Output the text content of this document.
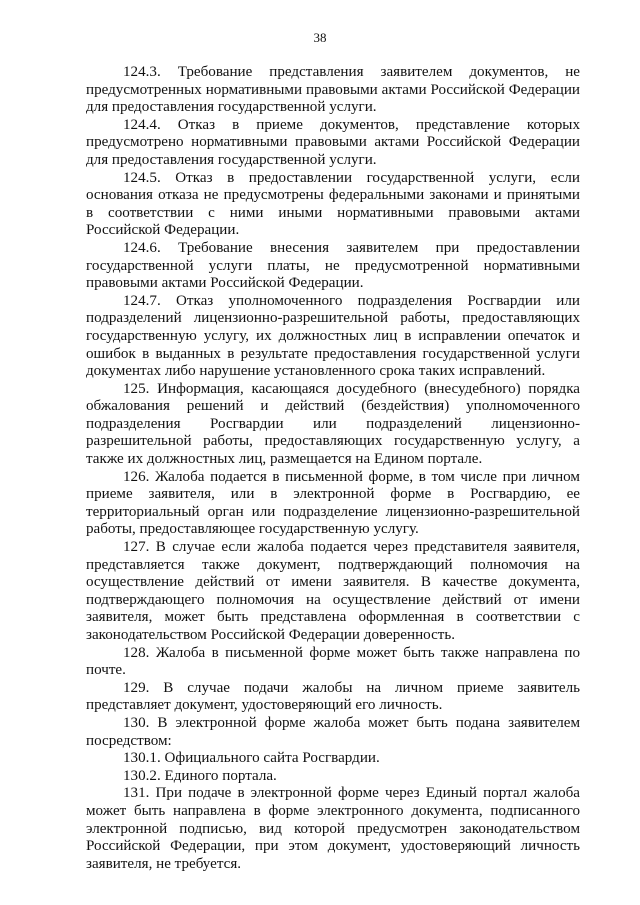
38

124.3. Требование представления заявителем документов, не предусмотренных нормативными правовыми актами Российской Федерации для предоставления государственной услуги.

124.4. Отказ в приеме документов, представление которых предусмотрено нормативными правовыми актами Российской Федерации для предоставления государственной услуги.

124.5. Отказ в предоставлении государственной услуги, если основания отказа не предусмотрены федеральными законами и принятыми в соответствии с ними иными нормативными правовыми актами Российской Федерации.

124.6. Требование внесения заявителем при предоставлении государственной услуги платы, не предусмотренной нормативными правовыми актами Российской Федерации.

124.7. Отказ уполномоченного подразделения Росгвардии или подразделений лицензионно-разрешительной работы, предоставляющих государственную услугу, их должностных лиц в исправлении опечаток и ошибок в выданных в результате предоставления государственной услуги документах либо нарушение установленного срока таких исправлений.

125. Информация, касающаяся досудебного (внесудебного) порядка обжалования решений и действий (бездействия) уполномоченного подразделения Росгвардии или подразделений лицензионно-разрешительной работы, предоставляющих государственную услугу, а также их должностных лиц, размещается на Едином портале.

126. Жалоба подается в письменной форме, в том числе при личном приеме заявителя, или в электронной форме в Росгвардию, ее территориальный орган или подразделение лицензионно-разрешительной работы, предоставляющее государственную услугу.

127. В случае если жалоба подается через представителя заявителя, представляется также документ, подтверждающий полномочия на осуществление действий от имени заявителя. В качестве документа, подтверждающего полномочия на осуществление действий от имени заявителя, может быть представлена оформленная в соответствии с законодательством Российской Федерации доверенность.

128. Жалоба в письменной форме может быть также направлена по почте.

129. В случае подачи жалобы на личном приеме заявитель представляет документ, удостоверяющий его личность.

130. В электронной форме жалоба может быть подана заявителем посредством:

130.1. Официального сайта Росгвардии.

130.2. Единого портала.

131. При подаче в электронной форме через Единый портал жалоба может быть направлена в форме электронного документа, подписанного электронной подписью, вид которой предусмотрен законодательством Российской Федерации, при этом документ, удостоверяющий личность заявителя, не требуется.
